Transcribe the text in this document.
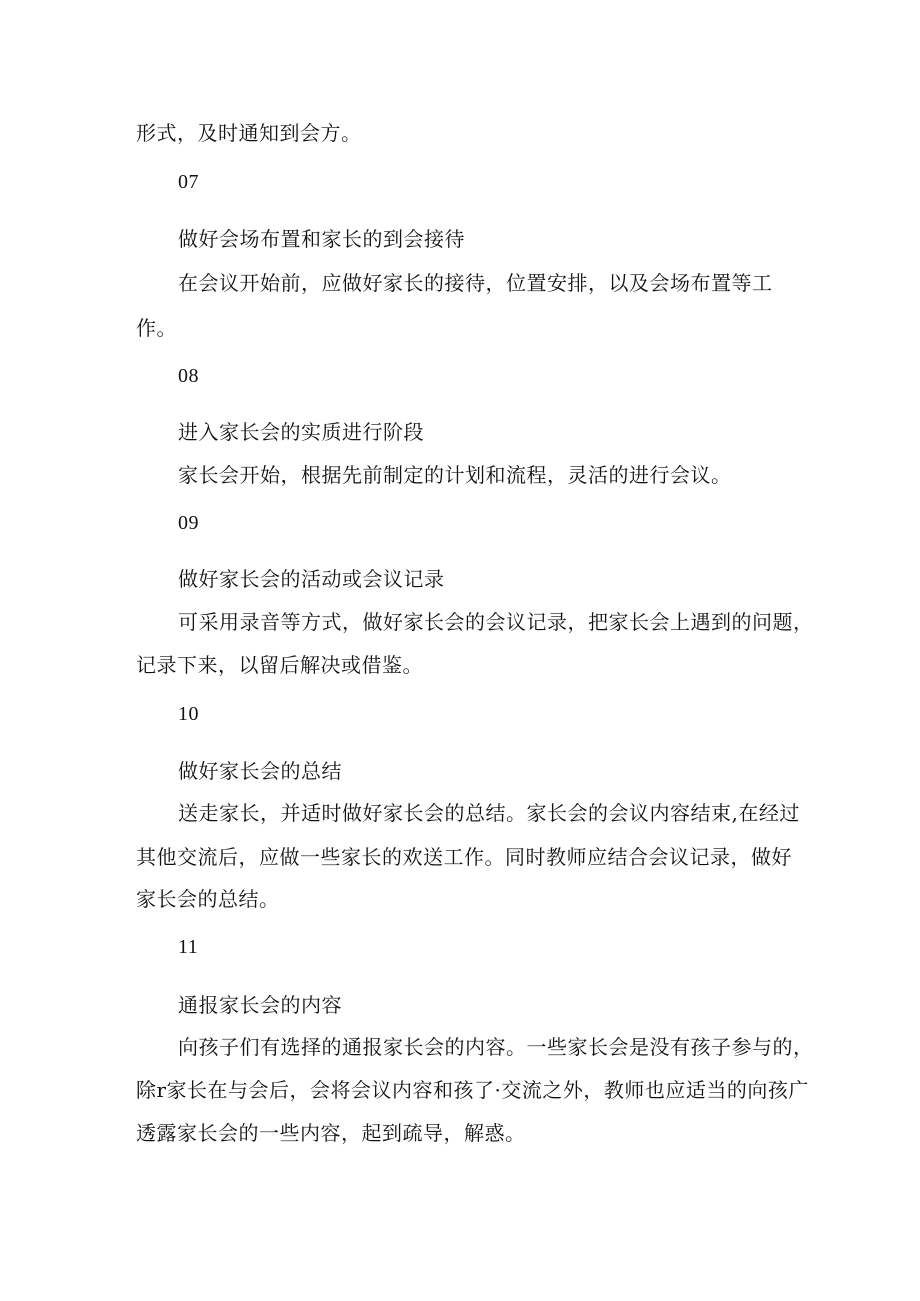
形式，及时通知到会方。
07
做好会场布置和家长的到会接待
在会议开始前，应做好家长的接待，位置安排，以及会场布置等工
作。
08
进入家长会的实质进行阶段
家长会开始，根据先前制定的计划和流程，灵活的进行会议。
09
做好家长会的活动或会议记录
可采用录音等方式，做好家长会的会议记录，把家长会上遇到的问题，
记录下来，以留后解决或借鉴。
10
做好家长会的总结
送走家长，并适时做好家长会的总结。家长会的会议内容结束,在经过
其他交流后，应做一些家长的欢送工作。同时教师应结合会议记录，做好
家长会的总结。
11
通报家长会的内容
向孩子们有选择的通报家长会的内容。一些家长会是没有孩子参与的，
除r家长在与会后，会将会议内容和孩了·交流之外，教师也应适当的向孩广
透露家长会的一些内容，起到疏导，解惑。
